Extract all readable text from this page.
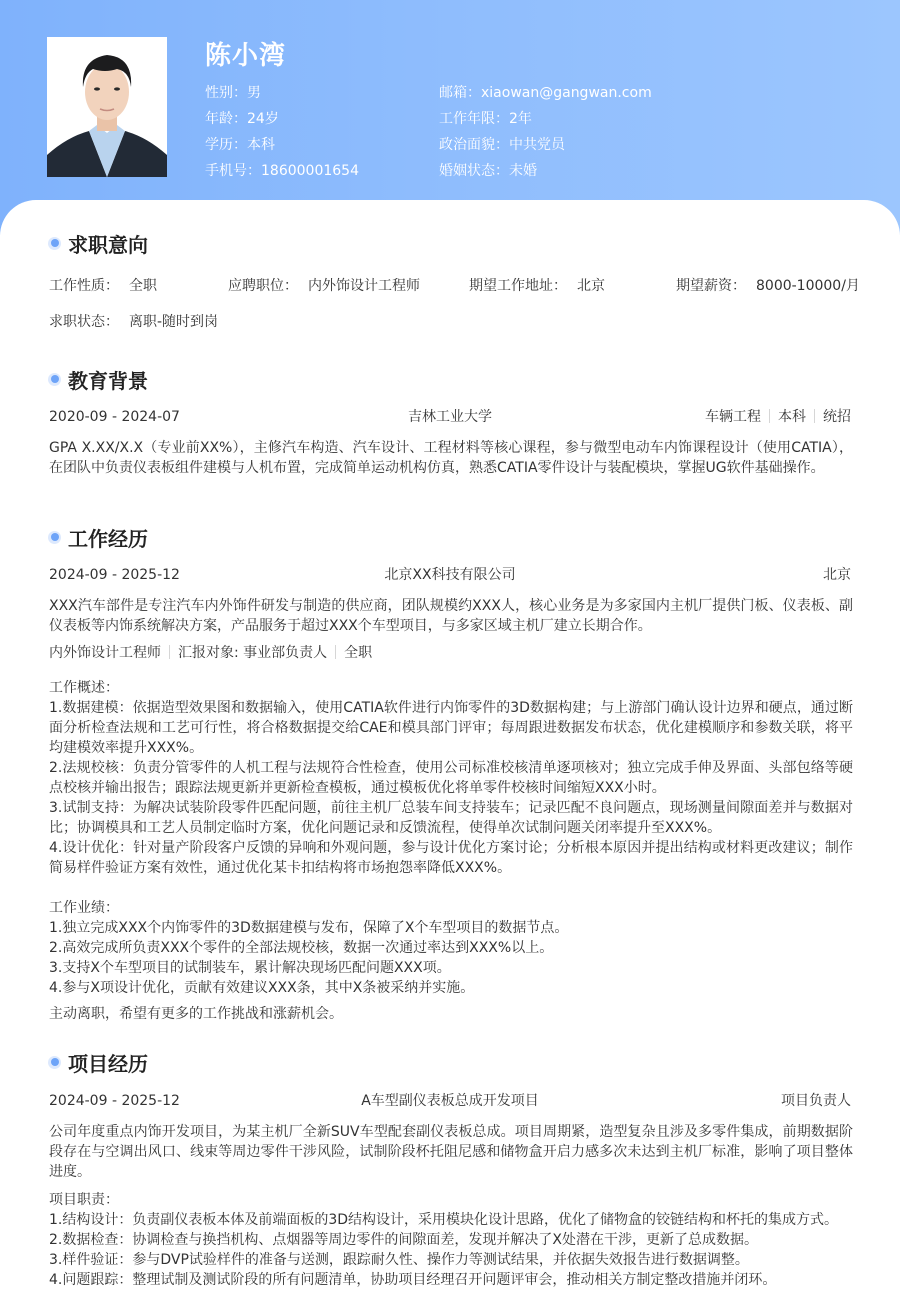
陈小湾
性别：男
年龄：24岁
学历：本科
手机号：18600001654
邮箱：xiaowan@gangwan.com
工作年限：2年
政治面貌：中共党员
婚姻状态：未婚
求职意向
工作性质： 全职	应聘职位： 内外饰设计工程师	期望工作地址： 北京	期望薪资： 8000-10000/月
求职状态： 离职-随时到岗
教育背景
2020-09 - 2024-07	吉林工业大学	车辆工程 本科 统招
GPA X.XX/X.X（专业前XX%），主修汽车构造、汽车设计、工程材料等核心课程，参与微型电动车内饰课程设计（使用CATIA），在团队中负责仪表板组件建模与人机布置，完成简单运动机构仿真，熟悉CATIA零件设计与装配模块，掌握UG软件基础操作。
工作经历
2024-09 - 2025-12	北京XX科技有限公司	北京
XXX汽车部件是专注汽车内外饰件研发与制造的供应商，团队规模约XXX人，核心业务是为多家国内主机厂提供门板、仪表板、副仪表板等内饰系统解决方案，产品服务于超过XXX个车型项目，与多家区域主机厂建立长期合作。
内外饰设计工程师 汇报对象: 事业部负责人 全职
工作概述：
1.数据建模：依据造型效果图和数据输入，使用CATIA软件进行内饰零件的3D数据构建；与上游部门确认设计边界和硬点，通过断面分析检查法规和工艺可行性，将合格数据提交给CAE和模具部门评审；每周跟进数据发布状态，优化建模顺序和参数关联，将平均建模效率提升XXX%。
2.法规校核：负责分管零件的人机工程与法规符合性检查，使用公司标准校核清单逐项核对；独立完成手伸及界面、头部包络等硬点校核并输出报告；跟踪法规更新并更新检查模板，通过模板优化将单零件校核时间缩短XXX小时。
3.试制支持：为解决试装阶段零件匹配问题，前往主机厂总装车间支持装车；记录匹配不良问题点，现场测量间隙面差并与数据对比；协调模具和工艺人员制定临时方案，优化问题记录和反馈流程，使得单次试制问题关闭率提升至XXX%。
4.设计优化：针对量产阶段客户反馈的异响和外观问题，参与设计优化方案讨论；分析根本原因并提出结构或材料更改建议；制作简易样件验证方案有效性，通过优化某卡扣结构将市场抱怨率降低XXX%。
工作业绩：
1.独立完成XXX个内饰零件的3D数据建模与发布，保障了X个车型项目的数据节点。
2.高效完成所负责XXX个零件的全部法规校核，数据一次通过率达到XXX%以上。
3.支持X个车型项目的试制装车，累计解决现场匹配问题XXX项。
4.参与X项设计优化，贡献有效建议XXX条，其中X条被采纳并实施。
主动离职，希望有更多的工作挑战和涨薪机会。
项目经历
2024-09 - 2025-12	A车型副仪表板总成开发项目	项目负责人
公司年度重点内饰开发项目，为某主机厂全新SUV车型配套副仪表板总成。项目周期紧，造型复杂且涉及多零件集成，前期数据阶段存在与空调出风口、线束等周边零件干涉风险，试制阶段杯托阻尼感和储物盒开启力感多次未达到主机厂标准，影响了项目整体进度。
项目职责：
1.结构设计：负责副仪表板本体及前端面板的3D结构设计，采用模块化设计思路，优化了储物盒的铰链结构和杯托的集成方式。
2.数据检查：协调检查与换挡机构、点烟器等周边零件的间隙面差，发现并解决了X处潜在干涉，更新了总成数据。
3.样件验证：参与DVP试验样件的准备与送测，跟踪耐久性、操作力等测试结果，并依据失效报告进行数据调整。
4.问题跟踪：整理试制及测试阶段的所有问题清单，协助项目经理召开问题评审会，推动相关方制定整改措施并闭环。
